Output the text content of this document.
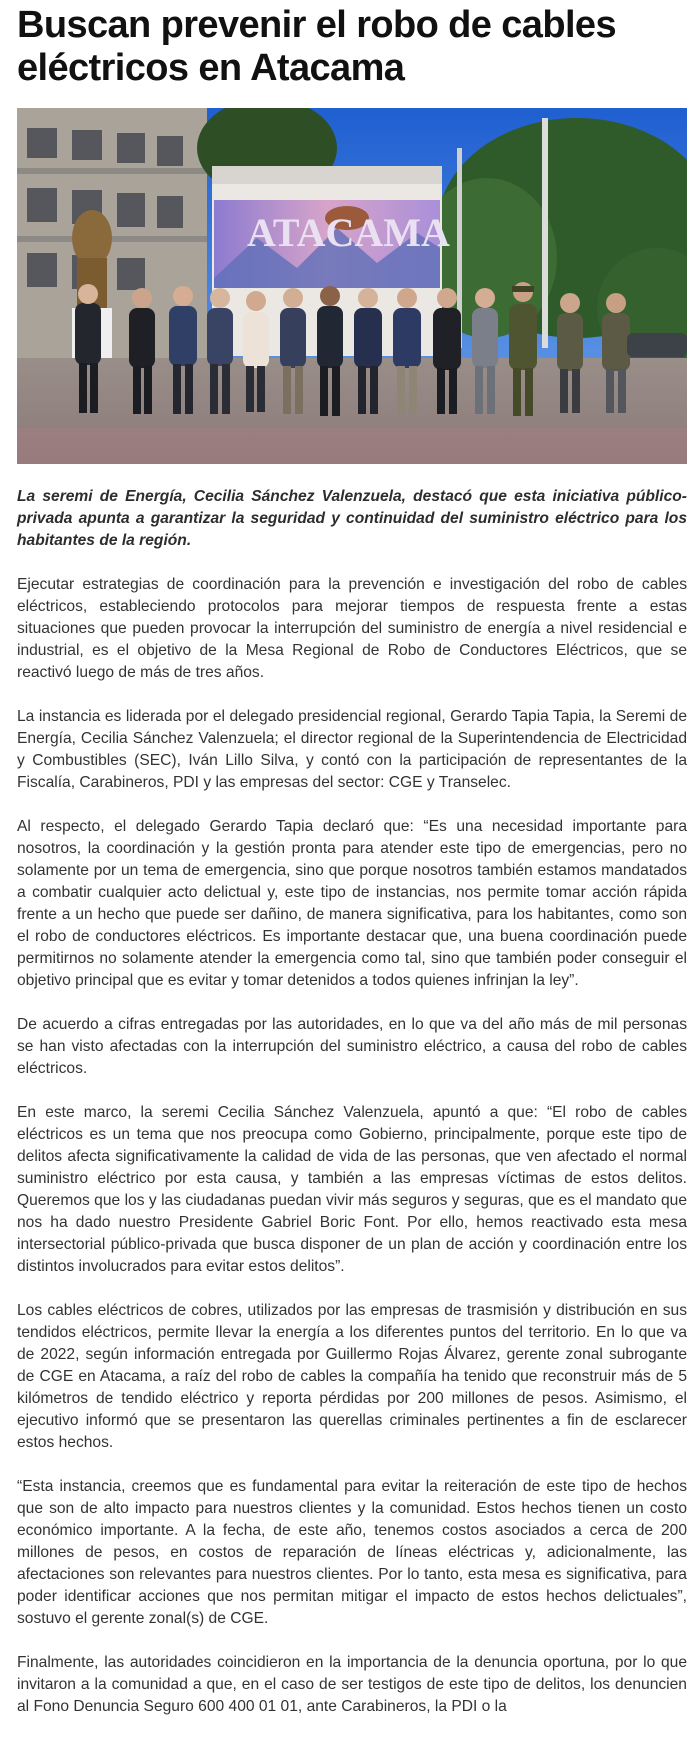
Buscan prevenir el robo de cables eléctricos en Atacama
ATACAMA

La seremi de Energía, Cecilia Sánchez Valenzuela, destacó que esta iniciativa público-privada apunta a garantizar la seguridad y continuidad del suministro eléctrico para los habitantes de la región.

Ejecutar estrategias de coordinación para la prevención e investigación del robo de cables eléctricos, estableciendo protocolos para mejorar tiempos de respuesta frente a estas situaciones que pueden provocar la interrupción del suministro de energía a nivel residencial e industrial, es el objetivo de la Mesa Regional de Robo de Conductores Eléctricos, que se reactivó luego de más de tres años.

La instancia es liderada por el delegado presidencial regional, Gerardo Tapia Tapia, la Seremi de Energía, Cecilia Sánchez Valenzuela; el director regional de la Superintendencia de Electricidad y Combustibles (SEC), Iván Lillo Silva, y contó con la participación de representantes de la Fiscalía, Carabineros, PDI y las empresas del sector: CGE y Transelec.

Al respecto, el delegado Gerardo Tapia declaró que: “Es una necesidad importante para nosotros, la coordinación y la gestión pronta para atender este tipo de emergencias, pero no solamente por un tema de emergencia, sino que porque nosotros también estamos mandatados a combatir cualquier acto delictual y, este tipo de instancias, nos permite tomar acción rápida frente a un hecho que puede ser dañino, de manera significativa, para los habitantes, como son el robo de conductores eléctricos. Es importante destacar que, una buena coordinación puede permitirnos no solamente atender la emergencia como tal, sino que también poder conseguir el objetivo principal que es evitar y tomar detenidos a todos quienes infrinjan la ley”.

De acuerdo a cifras entregadas por las autoridades, en lo que va del año más de mil personas se han visto afectadas con la interrupción del suministro eléctrico, a causa del robo de cables eléctricos.

En este marco, la seremi Cecilia Sánchez Valenzuela, apuntó a que: “El robo de cables eléctricos es un tema que nos preocupa como Gobierno, principalmente, porque este tipo de delitos afecta significativamente la calidad de vida de las personas, que ven afectado el normal suministro eléctrico por esta causa, y también a las empresas víctimas de estos delitos. Queremos que los y las ciudadanas puedan vivir más seguros y seguras, que es el mandato que nos ha dado nuestro Presidente Gabriel Boric Font. Por ello, hemos reactivado esta mesa intersectorial público-privada que busca disponer de un plan de acción y coordinación entre los distintos involucrados para evitar estos delitos”.

Los cables eléctricos de cobres, utilizados por las empresas de trasmisión y distribución en sus tendidos eléctricos, permite llevar la energía a los diferentes puntos del territorio. En lo que va de 2022, según información entregada por Guillermo Rojas Álvarez, gerente zonal subrogante de CGE en Atacama, a raíz del robo de cables la compañía ha tenido que reconstruir más de 5 kilómetros de tendido eléctrico y reporta pérdidas por 200 millones de pesos. Asimismo, el ejecutivo informó que se presentaron las querellas criminales pertinentes a fin de esclarecer estos hechos.

“Esta instancia, creemos que es fundamental para evitar la reiteración de este tipo de hechos que son de alto impacto para nuestros clientes y la comunidad. Estos hechos tienen un costo económico importante. A la fecha, de este año, tenemos costos asociados a cerca de 200 millones de pesos, en costos de reparación de líneas eléctricas y, adicionalmente, las afectaciones son relevantes para nuestros clientes. Por lo tanto, esta mesa es significativa, para poder identificar acciones que nos permitan mitigar el impacto de estos hechos delictuales”, sostuvo el gerente zonal(s) de CGE.

Finalmente, las autoridades coincidieron en la importancia de la denuncia oportuna, por lo que invitaron a la comunidad a que, en el caso de ser testigos de este tipo de delitos, los denuncien al Fono Denuncia Seguro 600 400 01 01, ante Carabineros, la PDI o la
